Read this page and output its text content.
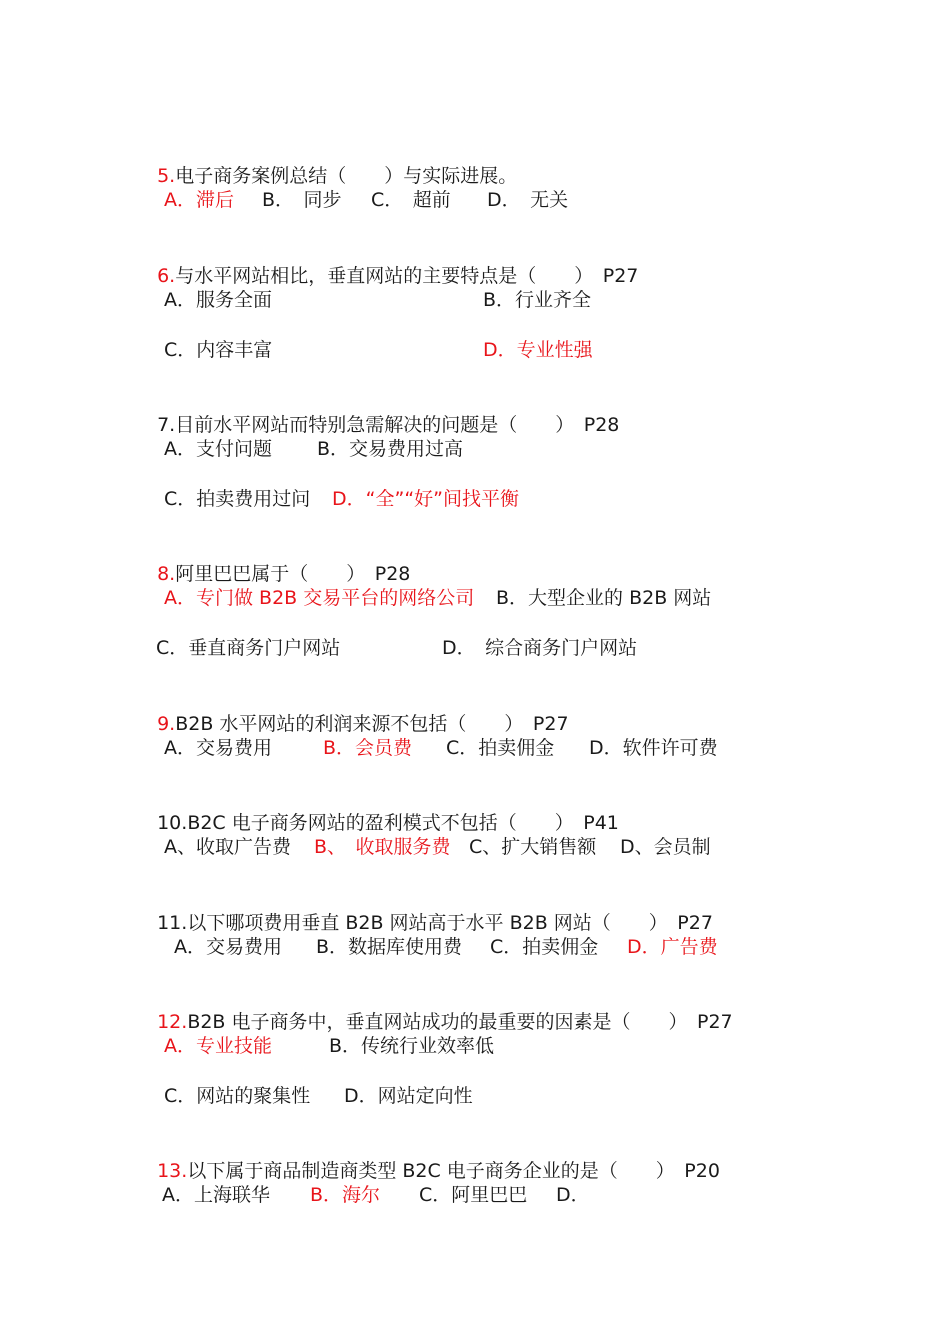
5.电子商务案例总结（　　）与实际进展。

A．滞后

B．　同步

C．　超前

D．　无关

6.与水平网站相比，垂直网站的主要特点是（　　）　P27

A．服务全面

	B．行业齐全

C．内容丰富

	D．专业性强

7.目前水平网站而特别急需解决的问题是（　　）　P28

A．支付问题

B．交易费用过高

C．拍卖费用过问

D．“全”“好”间找平衡

8.阿里巴巴属于（　　）　P28

A．专门做 B2B 交易平台的网络公司

B．大型企业的 B2B 网站

C．垂直商务门户网站

	D．　综合商务门户网站

9.B2B 水平网站的利润来源不包括（　　）　P27

A．交易费用

	B．会员费

C．拍卖佣金

D．软件许可费

10.B2C 电子商务网站的盈利模式不包括（　　）　P41

A、收取广告费

B、　收取服务费

C、扩大销售额

D、会员制

11.以下哪项费用垂直 B2B 网站高于水平 B2B 网站（　　）　P27

A．交易费用

B．数据库使用费

C．拍卖佣金

D．广告费

12.B2B 电子商务中，垂直网站成功的最重要的因素是（　　）　P27

A．专业技能

	B．传统行业效率低

C．网站的聚集性

D．网站定向性

13.以下属于商品制造商类型 B2C 电子商务企业的是（　　）　P20

A．上海联华

B．海尔

C．阿里巴巴

D．
